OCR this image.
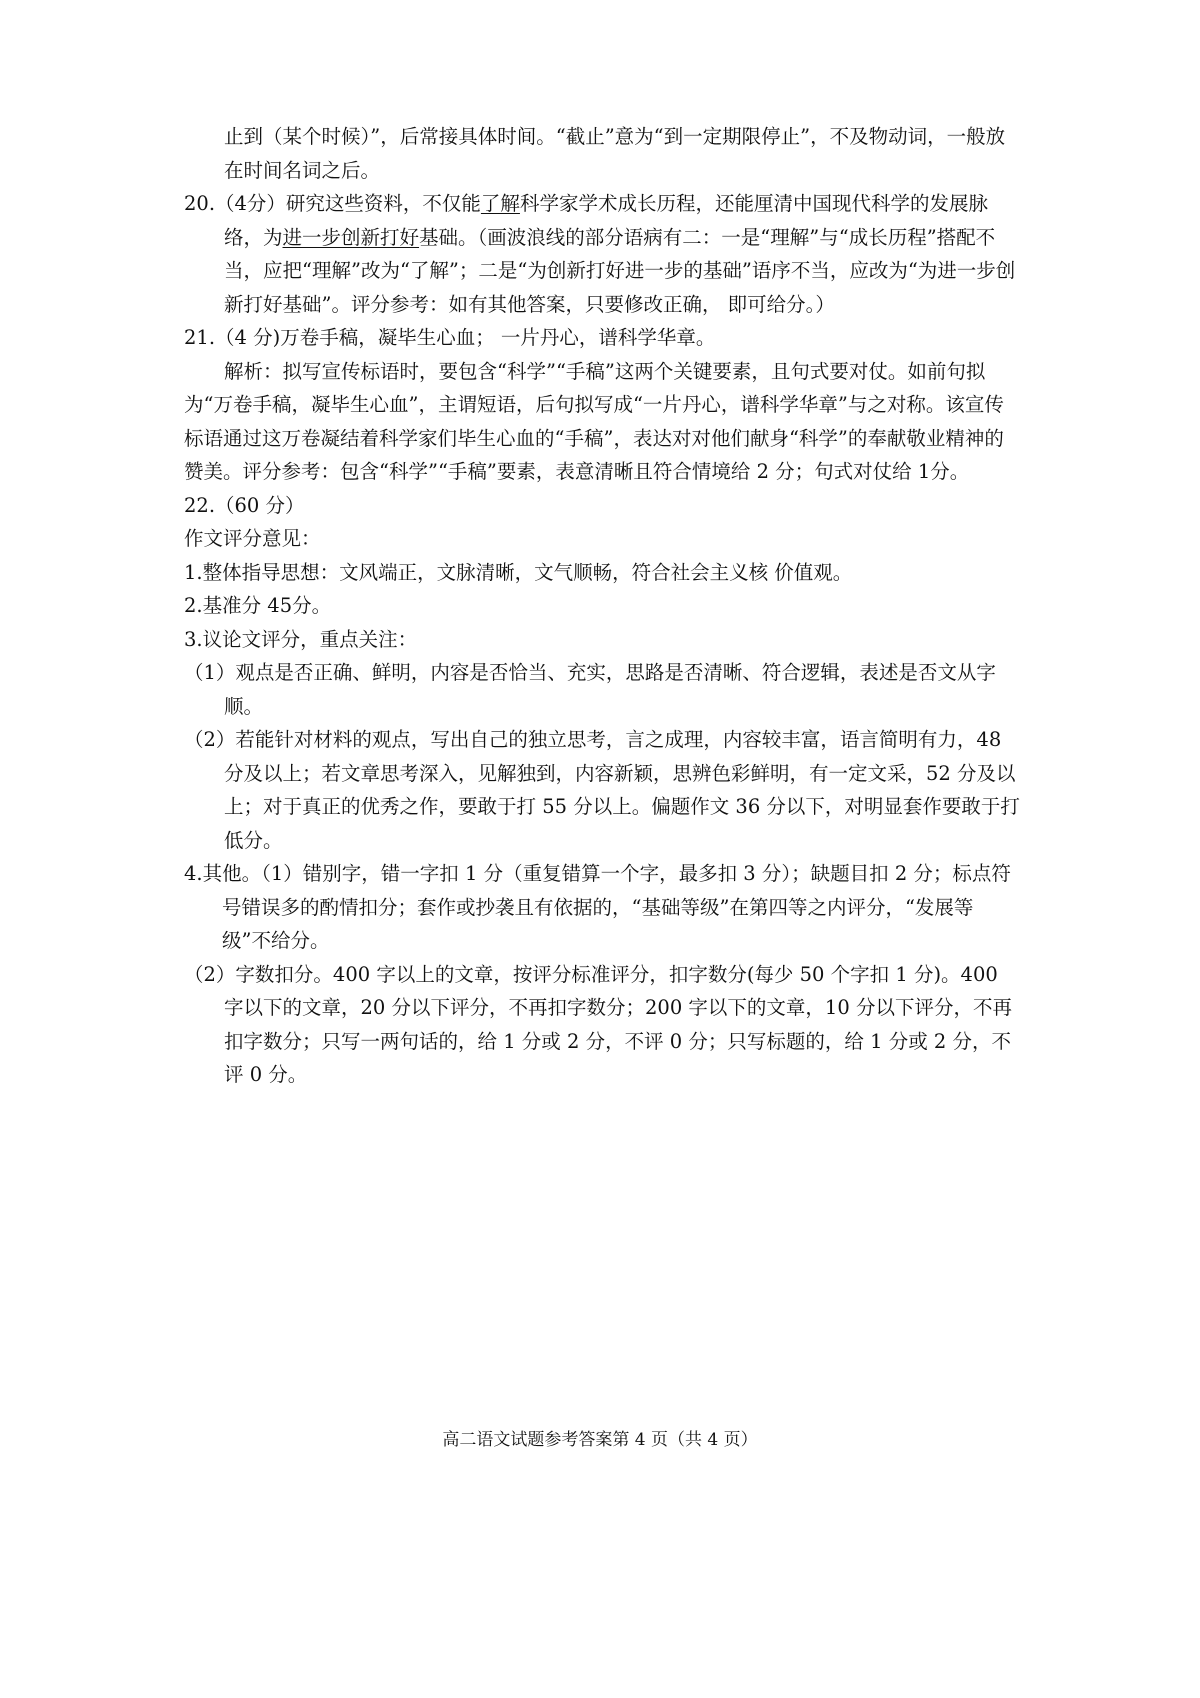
止到（某个时候）”，后常接具体时间。“截止”意为“到一定期限停止”，不及物动词，一般放在时间名词之后。

20.（4分）研究这些资料，不仅能了解科学家学术成长历程，还能厘清中国现代科学的发展脉络，为进一步创新打好基础。（画波浪线的部分语病有二：一是“理解”与“成长历程”搭配不当，应把“理解”改为“了解”；二是“为创新打好进一步的基础”语序不当，应改为“为进一步创新打好基础”。评分参考：如有其他答案，只要修改正确， 即可给分。）

21.（4 分)万卷手稿，凝毕生心血； 一片丹心，谱科学华章。

解析：拟写宣传标语时，要包含“科学”“手稿”这两个关键要素，且句式要对仗。如前句拟为“万卷手稿，凝毕生心血”，主谓短语，后句拟写成“一片丹心，谱科学华章”与之对称。该宣传标语通过这万卷凝结着科学家们毕生心血的“手稿”，表达对对他们献身“科学”的奉献敬业精神的赞美。评分参考：包含“科学”“手稿”要素，表意清晰且符合情境给 2 分；句式对仗给 1分。

22.（60 分）

作文评分意见：

1.整体指导思想：文风端正，文脉清晰，文气顺畅，符合社会主义核 价值观。

2.基准分 45分。

3.议论文评分，重点关注：

（1）观点是否正确、鲜明，内容是否恰当、充实，思路是否清晰、符合逻辑，表述是否文从字顺。

（2）若能针对材料的观点，写出自己的独立思考，言之成理，内容较丰富，语言简明有力，48 分及以上；若文章思考深入，见解独到，内容新颖，思辨色彩鲜明，有一定文采，52 分及以上；对于真正的优秀之作，要敢于打 55 分以上。偏题作文 36 分以下，对明显套作要敢于打低分。

4.其他。（1）错别字，错一字扣 1 分（重复错算一个字，最多扣 3 分）；缺题目扣 2 分；标点符号错误多的酌情扣分；套作或抄袭且有依据的，“基础等级”在第四等之内评分，“发展等级”不给分。

（2）字数扣分。400 字以上的文章，按评分标准评分，扣字数分(每少 50 个字扣 1 分)。400 字以下的文章，20 分以下评分，不再扣字数分；200 字以下的文章，10 分以下评分，不再扣字数分；只写一两句话的，给 1 分或 2 分，不评 0 分；只写标题的，给 1 分或 2 分，不评 0 分。

高二语文试题参考答案第 4 页（共 4 页）
